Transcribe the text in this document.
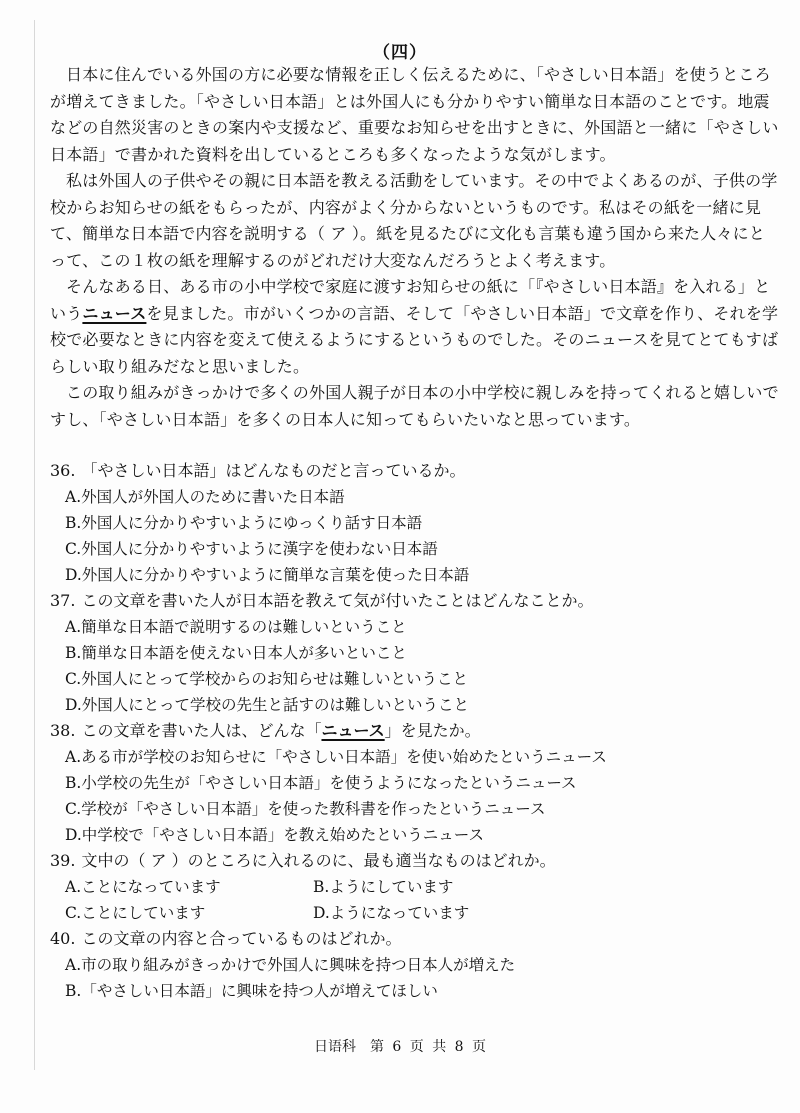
（四）

日本に住んでいる外国の方に必要な情報を正しく伝えるために、「やさしい日本語」を使うところが増えてきました。「やさしい日本語」とは外国人にも分かりやすい簡単な日本語のことです。地震などの自然災害のときの案内や支援など、重要なお知らせを出すときに、外国語と一緒に「やさしい日本語」で書かれた資料を出しているところも多くなったような気がします。

私は外国人の子供やその親に日本語を教える活動をしています。その中でよくあるのが、子供の学校からお知らせの紙をもらったが、内容がよく分からないというものです。私はその紙を一緒に見て、簡単な日本語で内容を説明する（ ア ）。紙を見るたびに文化も言葉も違う国から来た人々にとって、この１枚の紙を理解するのがどれだけ大変なんだろうとよく考えます。

そんなある日、ある市の小中学校で家庭に渡すお知らせの紙に「『やさしい日本語』を入れる」というニュースを見ました。市がいくつかの言語、そして「やさしい日本語」で文章を作り、それを学校で必要なときに内容を変えて使えるようにするというものでした。そのニュースを見てとてもすばらしい取り組みだなと思いました。

この取り組みがきっかけで多くの外国人親子が日本の小中学校に親しみを持ってくれると嬉しいですし、「やさしい日本語」を多くの日本人に知ってもらいたいなと思っています。

36. 「やさしい日本語」はどんなものだと言っているか。

A.外国人が外国人のために書いた日本語

B.外国人に分かりやすいようにゆっくり話す日本語

C.外国人に分かりやすいように漢字を使わない日本語

D.外国人に分かりやすいように簡単な言葉を使った日本語

37. この文章を書いた人が日本語を教えて気が付いたことはどんなことか。

A.簡単な日本語で説明するのは難しいということ

B.簡単な日本語を使えない日本人が多いといこと

C.外国人にとって学校からのお知らせは難しいということ

D.外国人にとって学校の先生と話すのは難しいということ

38. この文章を書いた人は、どんな「ニュース」を見たか。

A.ある市が学校のお知らせに「やさしい日本語」を使い始めたというニュース

B.小学校の先生が「やさしい日本語」を使うようになったというニュース

C.学校が「やさしい日本語」を使った教科書を作ったというニュース

D.中学校で「やさしい日本語」を教え始めたというニュース

39. 文中の（ ア ）のところに入れるのに、最も適当なものはどれか。

A.ことになっています	B.ようにしています

C.ことにしています	D.ようになっています

40. この文章の内容と合っているものはどれか。

A.市の取り組みがきっかけで外国人に興味を持つ日本人が増えた

B.「やさしい日本語」に興味を持つ人が増えてほしい

日语科　第 6 页 共 8 页
